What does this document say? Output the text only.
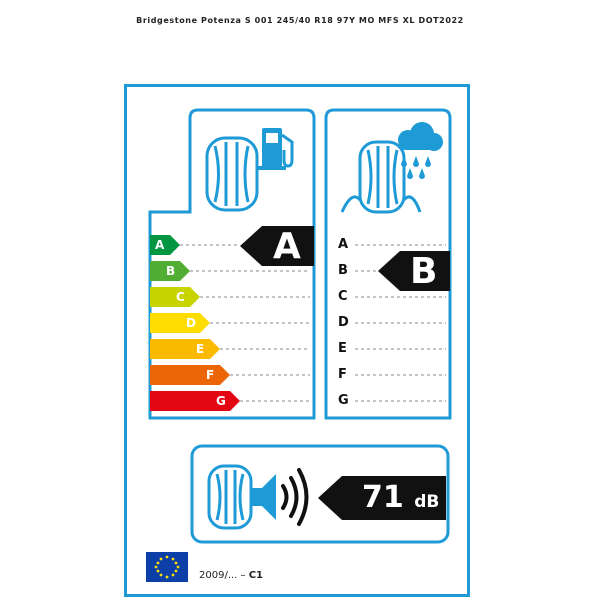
Bridgestone Potenza S 001 245/40 R18 97Y MO MFS XL DOT2022
A
B
C
D
E
F
G
A
B
C
D
E
F
G
A
B
71 dB
2009/... – C1
